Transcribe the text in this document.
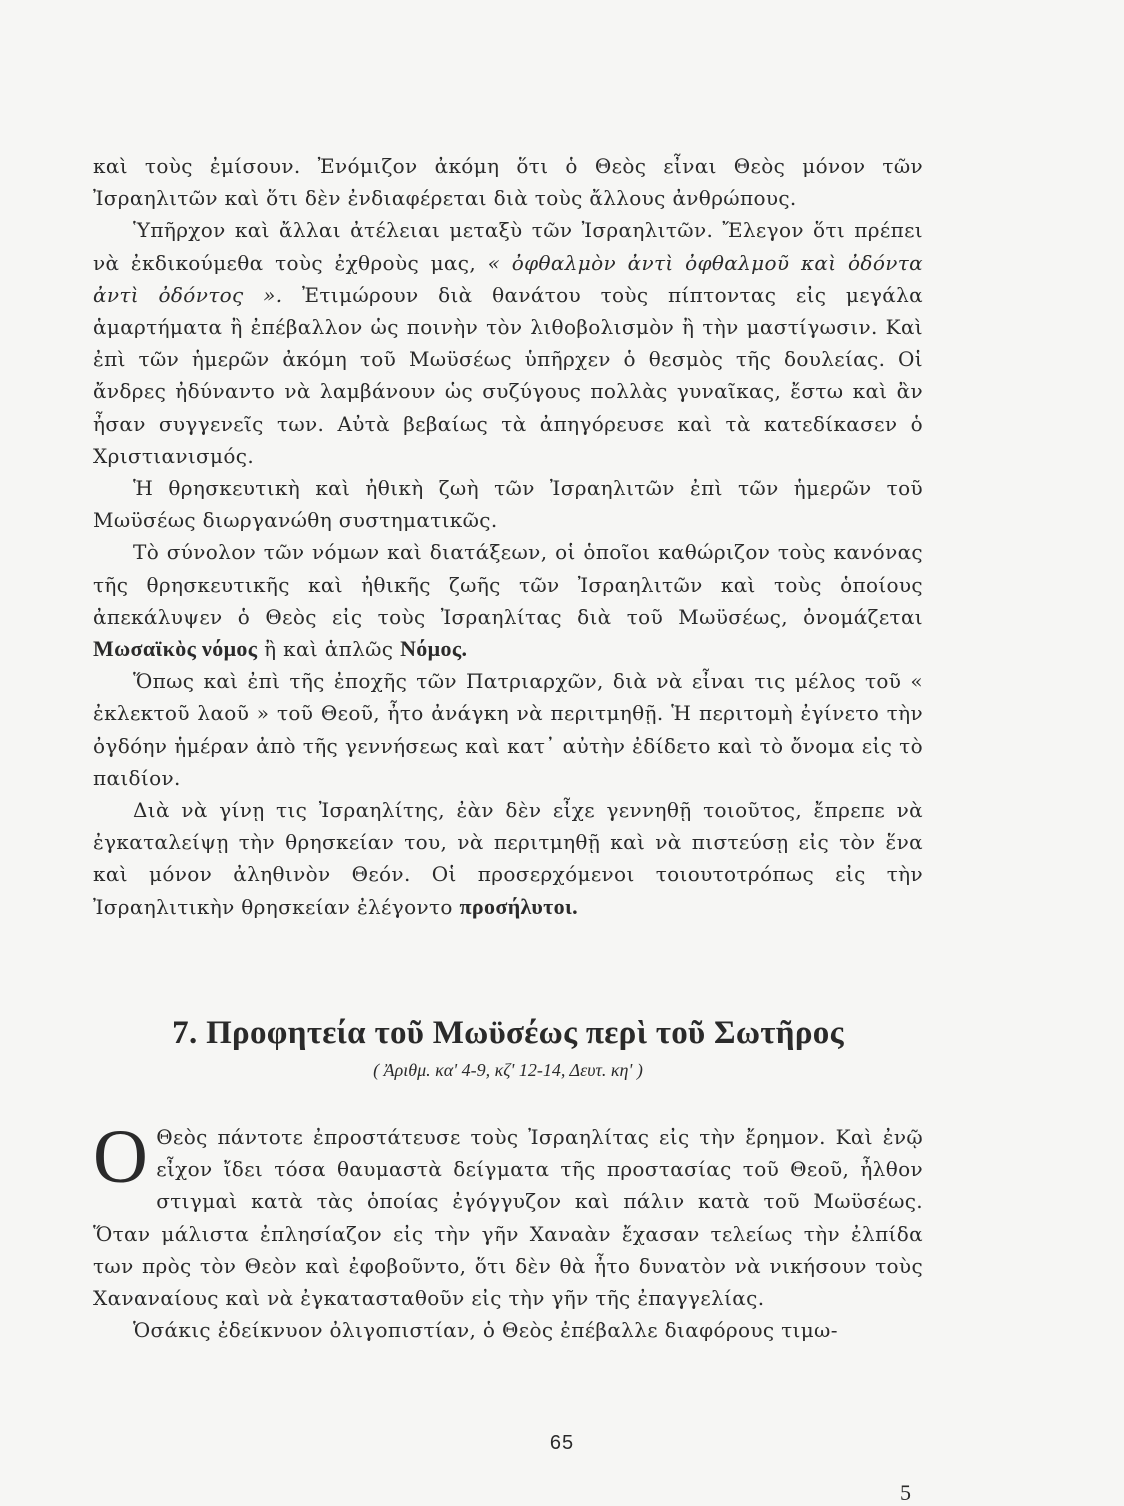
καὶ τοὺς ἐμίσουν. Ἐνόμιζον ἀκόμη ὅτι ὁ Θεὸς εἶναι Θεὸς μόνον τῶν Ἰσραηλιτῶν καὶ ὅτι δὲν ἐνδιαφέρεται διὰ τοὺς ἄλλους ἀνθρώπους.

Ὑπῆρχον καὶ ἄλλαι ἀτέλειαι μεταξὺ τῶν Ἰσραηλιτῶν. Ἔλεγον ὅτι πρέπει νὰ ἐκδικούμεθα τοὺς ἐχθροὺς μας, « ὀφθαλμὸν ἀντὶ ὀφθαλμοῦ καὶ ὀδόντα ἀντὶ ὀδόντος ». Ἐτιμώρουν διὰ θανάτου τοὺς πίπτοντας εἰς μεγάλα ἁμαρτήματα ἢ ἐπέβαλλον ὡς ποινὴν τὸν λιθοβολισμὸν ἢ τὴν μαστίγωσιν. Καὶ ἐπὶ τῶν ἡμερῶν ἀκόμη τοῦ Μωϋσέως ὑπῆρχεν ὁ θεσμὸς τῆς δουλείας. Οἱ ἄνδρες ἠδύναντο νὰ λαμβάνουν ὡς συζύγους πολλὰς γυναῖκας, ἔστω καὶ ἂν ἦσαν συγγενεῖς των. Αὐτὰ βεβαίως τὰ ἀπηγόρευσε καὶ τὰ κατεδίκασεν ὁ Χριστιανισμός.

Ἡ θρησκευτικὴ καὶ ἠθικὴ ζωὴ τῶν Ἰσραηλιτῶν ἐπὶ τῶν ἡμερῶν τοῦ Μωϋσέως διωργανώθη συστηματικῶς.

Τὸ σύνολον τῶν νόμων καὶ διατάξεων, οἱ ὁποῖοι καθώριζον τοὺς κανόνας τῆς θρησκευτικῆς καὶ ἠθικῆς ζωῆς τῶν Ἰσραηλιτῶν καὶ τοὺς ὁποίους ἀπεκάλυψεν ὁ Θεὸς εἰς τοὺς Ἰσραηλίτας διὰ τοῦ Μωϋσέως, ὀνομάζεται Μωσαϊκὸς νόμος ἢ καὶ ἁπλῶς Νόμος.

Ὅπως καὶ ἐπὶ τῆς ἐποχῆς τῶν Πατριαρχῶν, διὰ νὰ εἶναι τις μέλος τοῦ « ἐκλεκτοῦ λαοῦ » τοῦ Θεοῦ, ἦτο ἀνάγκη νὰ περιτμηθῇ. Ἡ περιτομὴ ἐγίνετο τὴν ὀγδόην ἡμέραν ἀπὸ τῆς γεννήσεως καὶ κατ᾽ αὐτὴν ἐδίδετο καὶ τὸ ὄνομα εἰς τὸ παιδίον.

Διὰ νὰ γίνῃ τις Ἰσραηλίτης, ἐὰν δὲν εἶχε γεννηθῇ τοιοῦτος, ἔπρεπε νὰ ἐγκαταλείψῃ τὴν θρησκείαν του, νὰ περιτμηθῇ καὶ νὰ πιστεύσῃ εἰς τὸν ἕνα καὶ μόνον ἀληθινὸν Θεόν. Οἱ προσερχόμενοι τοιουτοτρόπως εἰς τὴν Ἰσραηλιτικὴν θρησκείαν ἐλέγοντο προσήλυτοι.

7. Προφητεία τοῦ Μωϋσέως περὶ τοῦ Σωτῆρος
( Ἀριθμ. κα' 4-9, κζ' 12-14, Δευτ. κη' )

Ο Θεὸς πάντοτε ἐπροστάτευσε τοὺς Ἰσραηλίτας εἰς τὴν ἔρημον. Καὶ ἐνῷ εἶχον ἴδει τόσα θαυμαστὰ δείγματα τῆς προστασίας τοῦ Θεοῦ, ἦλθον στιγμαὶ κατὰ τὰς ὁποίας ἐγόγγυζον καὶ πάλιν κατὰ τοῦ Μωϋσέως. Ὅταν μάλιστα ἐπλησίαζον εἰς τὴν γῆν Χαναὰν ἔχασαν τελείως τὴν ἐλπίδα των πρὸς τὸν Θεὸν καὶ ἐφοβοῦντο, ὅτι δὲν θὰ ἦτο δυνατὸν νὰ νικήσουν τοὺς Χαναναίους καὶ νὰ ἐγκατασταθοῦν εἰς τὴν γῆν τῆς ἐπαγγελίας.

Ὁσάκις ἐδείκνυον ὀλιγοπιστίαν, ὁ Θεὸς ἐπέβαλλε διαφόρους τιμω-

65
5
